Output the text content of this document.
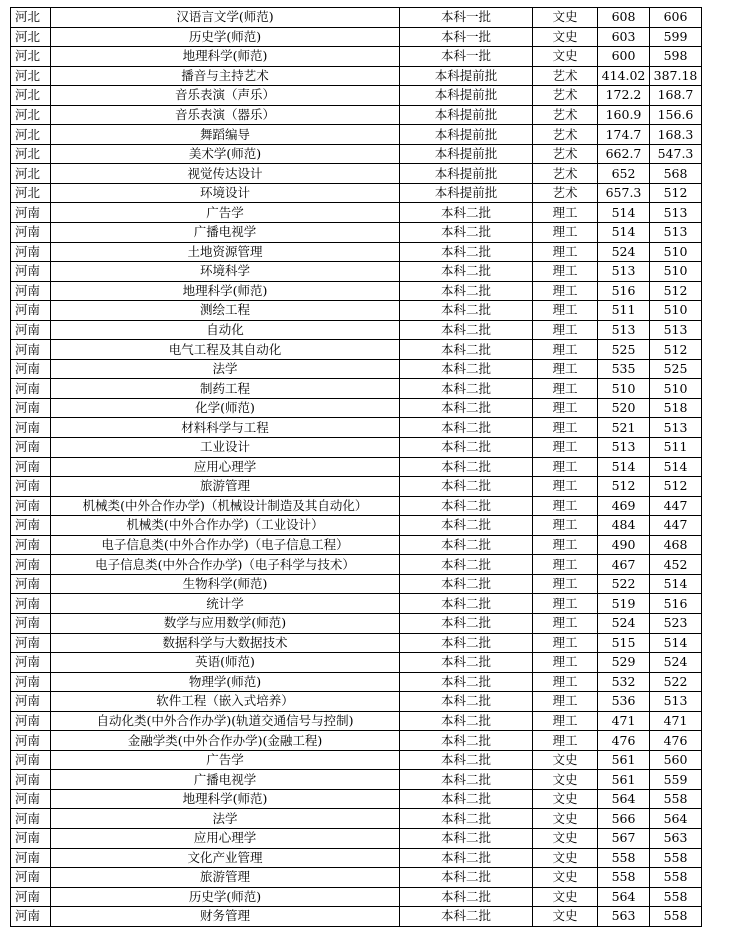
河北	汉语言文学(师范)	本科一批	文史	608	606
河北	历史学(师范)	本科一批	文史	603	599
河北	地理科学(师范)	本科一批	文史	600	598
河北	播音与主持艺术	本科提前批	艺术	414.02	387.18
河北	音乐表演（声乐）	本科提前批	艺术	172.2	168.7
河北	音乐表演（器乐）	本科提前批	艺术	160.9	156.6
河北	舞蹈编导	本科提前批	艺术	174.7	168.3
河北	美术学(师范)	本科提前批	艺术	662.7	547.3
河北	视觉传达设计	本科提前批	艺术	652	568
河北	环境设计	本科提前批	艺术	657.3	512
河南	广告学	本科二批	理工	514	513
河南	广播电视学	本科二批	理工	514	513
河南	土地资源管理	本科二批	理工	524	510
河南	环境科学	本科二批	理工	513	510
河南	地理科学(师范)	本科二批	理工	516	512
河南	测绘工程	本科二批	理工	511	510
河南	自动化	本科二批	理工	513	513
河南	电气工程及其自动化	本科二批	理工	525	512
河南	法学	本科二批	理工	535	525
河南	制药工程	本科二批	理工	510	510
河南	化学(师范)	本科二批	理工	520	518
河南	材料科学与工程	本科二批	理工	521	513
河南	工业设计	本科二批	理工	513	511
河南	应用心理学	本科二批	理工	514	514
河南	旅游管理	本科二批	理工	512	512
河南	机械类(中外合作办学)（机械设计制造及其自动化）	本科二批	理工	469	447
河南	机械类(中外合作办学)（工业设计）	本科二批	理工	484	447
河南	电子信息类(中外合作办学)（电子信息工程）	本科二批	理工	490	468
河南	电子信息类(中外合作办学)（电子科学与技术）	本科二批	理工	467	452
河南	生物科学(师范)	本科二批	理工	522	514
河南	统计学	本科二批	理工	519	516
河南	数学与应用数学(师范)	本科二批	理工	524	523
河南	数据科学与大数据技术	本科二批	理工	515	514
河南	英语(师范)	本科二批	理工	529	524
河南	物理学(师范)	本科二批	理工	532	522
河南	软件工程（嵌入式培养）	本科二批	理工	536	513
河南	自动化类(中外合作办学)(轨道交通信号与控制)	本科二批	理工	471	471
河南	金融学类(中外合作办学)(金融工程)	本科二批	理工	476	476
河南	广告学	本科二批	文史	561	560
河南	广播电视学	本科二批	文史	561	559
河南	地理科学(师范)	本科二批	文史	564	558
河南	法学	本科二批	文史	566	564
河南	应用心理学	本科二批	文史	567	563
河南	文化产业管理	本科二批	文史	558	558
河南	旅游管理	本科二批	文史	558	558
河南	历史学(师范)	本科二批	文史	564	558
河南	财务管理	本科二批	文史	563	558
